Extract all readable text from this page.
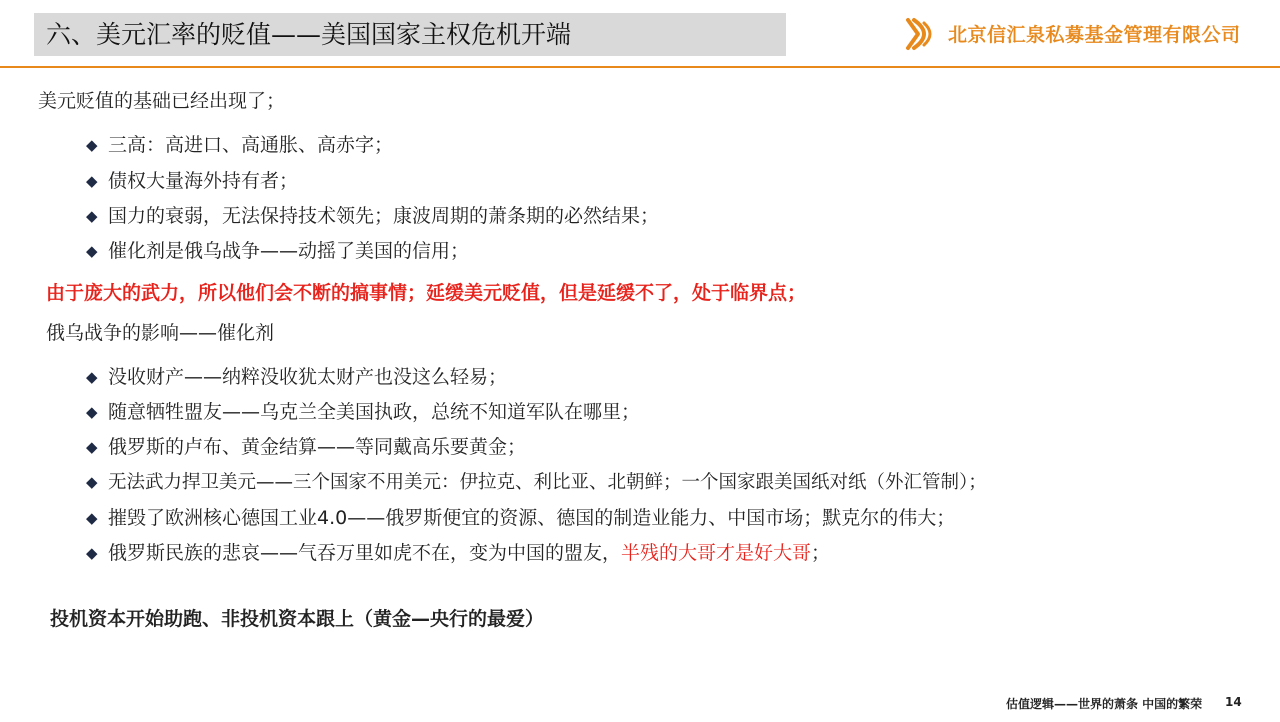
六、美元汇率的贬值——美国国家主权危机开端	北京信汇泉私募基金管理有限公司
美元贬值的基础已经出现了；
◆ 三高：高进口、高通胀、高赤字；
◆ 债权大量海外持有者；
◆ 国力的衰弱，无法保持技术领先；康波周期的萧条期的必然结果；
◆ 催化剂是俄乌战争——动摇了美国的信用；
由于庞大的武力，所以他们会不断的搞事情；延缓美元贬值，但是延缓不了，处于临界点；
俄乌战争的影响——催化剂
◆ 没收财产——纳粹没收犹太财产也没这么轻易；
◆ 随意牺牲盟友——乌克兰全美国执政，总统不知道军队在哪里；
◆ 俄罗斯的卢布、黄金结算——等同戴高乐要黄金；
◆ 无法武力捍卫美元——三个国家不用美元：伊拉克、利比亚、北朝鲜；一个国家跟美国纸对纸（外汇管制）；
◆ 摧毁了欧洲核心德国工业4.0——俄罗斯便宜的资源、德国的制造业能力、中国市场；默克尔的伟大；
◆ 俄罗斯民族的悲哀——气吞万里如虎不在，变为中国的盟友，半残的大哥才是好大哥；
投机资本开始助跑、非投机资本跟上（黄金—央行的最爱）
估值逻辑——世界的萧条 中国的繁荣 14
